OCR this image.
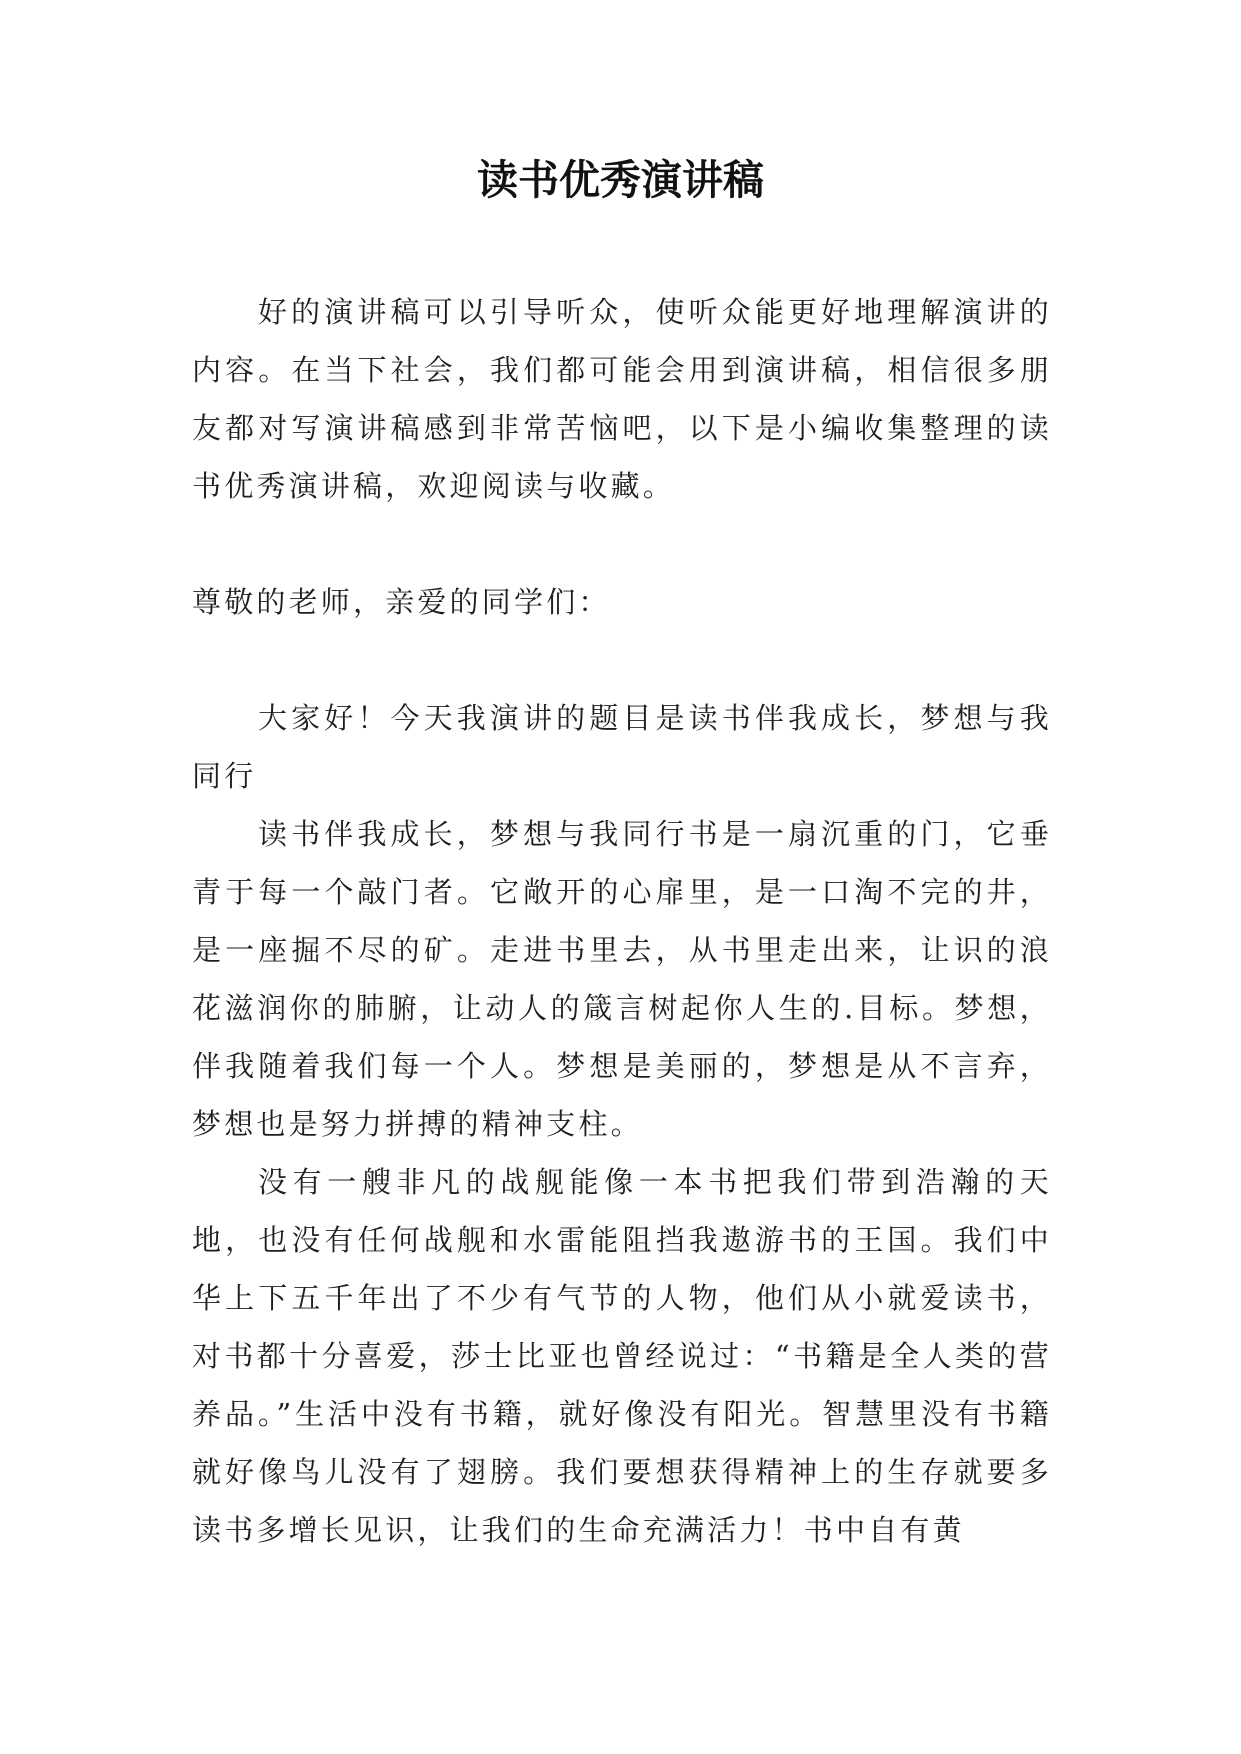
读书优秀演讲稿

好的演讲稿可以引导听众，使听众能更好地理解演讲的内容。在当下社会，我们都可能会用到演讲稿，相信很多朋友都对写演讲稿感到非常苦恼吧，以下是小编收集整理的读书优秀演讲稿，欢迎阅读与收藏。

尊敬的老师，亲爱的同学们：

大家好！今天我演讲的题目是读书伴我成长，梦想与我同行

读书伴我成长，梦想与我同行书是一扇沉重的门，它垂青于每一个敲门者。它敞开的心扉里，是一口淘不完的井，是一座掘不尽的矿。走进书里去，从书里走出来，让识的浪花滋润你的肺腑，让动人的箴言树起你人生的.目标。梦想，伴我随着我们每一个人。梦想是美丽的，梦想是从不言弃，梦想也是努力拼搏的精神支柱。

没有一艘非凡的战舰能像一本书把我们带到浩瀚的天地，也没有任何战舰和水雷能阻挡我遨游书的王国。我们中华上下五千年出了不少有气节的人物，他们从小就爱读书，对书都十分喜爱，莎士比亚也曾经说过：“书籍是全人类的营养品。”生活中没有书籍，就好像没有阳光。智慧里没有书籍就好像鸟儿没有了翅膀。我们要想获得精神上的生存就要多读书多增长见识，让我们的生命充满活力！书中自有黄
